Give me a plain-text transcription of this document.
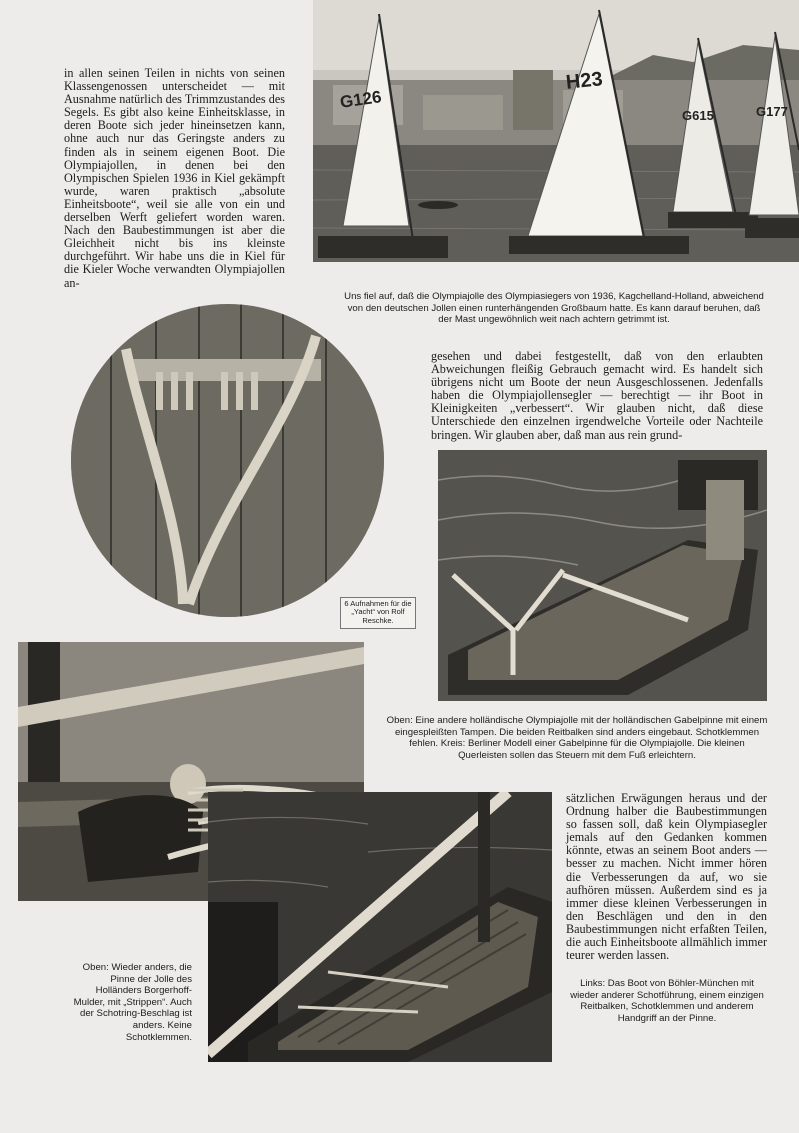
in allen seinen Teilen in nichts von seinen Klassengenossen unterscheidet — mit Ausnahme natürlich des Trimmzustandes des Segels. Es gibt also keine Einheitsklasse, in deren Boote sich jeder hineinsetzen kann, ohne auch nur das Geringste anders zu finden als in seinem eigenen Boot. Die Olympiajollen, in denen bei den Olympischen Spielen 1936 in Kiel gekämpft wurde, waren praktisch „absolute Einheitsboote“, weil sie alle von ein und derselben Werft geliefert worden waren. Nach den Baubestimmungen ist aber die Gleichheit nicht bis ins kleinste durchgeführt. Wir habe uns die in Kiel für die Kieler Woche verwandten Olympiajollen an-

G126
H23
G615	G177

Uns fiel auf, daß die Olympiajolle des Olympiasiegers von 1936, Kagchelland-Holland, abweichend von den deutschen Jollen einen runterhängenden Großbaum hatte. Es kann darauf beruhen, daß der Mast ungewöhnlich weit nach achtern getrimmt ist.

6 Aufnahmen für die „Yacht“ von Rolf Reschke.

gesehen und dabei festgestellt, daß von den erlaubten Abweichungen fleißig Gebrauch gemacht wird. Es handelt sich übrigens nicht um Boote der neun Ausgeschlossenen. Jedenfalls haben die Olympiajollensegler — berechtigt — ihr Boot in Kleinigkeiten „verbessert“. Wir glauben nicht, daß diese Unterschiede den einzelnen irgendwelche Vorteile oder Nachteile bringen. Wir glauben aber, daß man aus rein grund-

Oben: Eine andere holländische Olympiajolle mit der holländischen Gabelpinne mit einem eingespleißten Tampen. Die beiden Reitbalken sind anders eingebaut. Schotklemmen fehlen. Kreis: Berliner Modell einer Gabelpinne für die Olympiajolle. Die kleinen Querleisten sollen das Steuern mit dem Fuß erleichtern.

sätzlichen Erwägungen heraus und der Ordnung halber die Baubestimmungen so fassen soll, daß kein Olympiasegler jemals auf den Gedanken kommen könnte, etwas an seinem Boot anders — besser zu machen. Nicht immer hören die Verbesserungen da auf, wo sie aufhören müssen. Außerdem sind es ja immer diese kleinen Verbesserungen in den Beschlägen und den in den Baubestimmungen nicht erfaßten Teilen, die auch Einheitsboote allmählich immer teurer werden lassen.

Links: Das Boot von Böhler-München mit wieder anderer Schotführung, einem einzigen Reitbalken, Schotklemmen und anderem Handgriff an der Pinne.

Oben: Wieder anders, die Pinne der Jolle des Holländers Borgerhoff-Mulder, mit „Strippen“. Auch der Schotring-Beschlag ist anders. Keine Schotklemmen.
